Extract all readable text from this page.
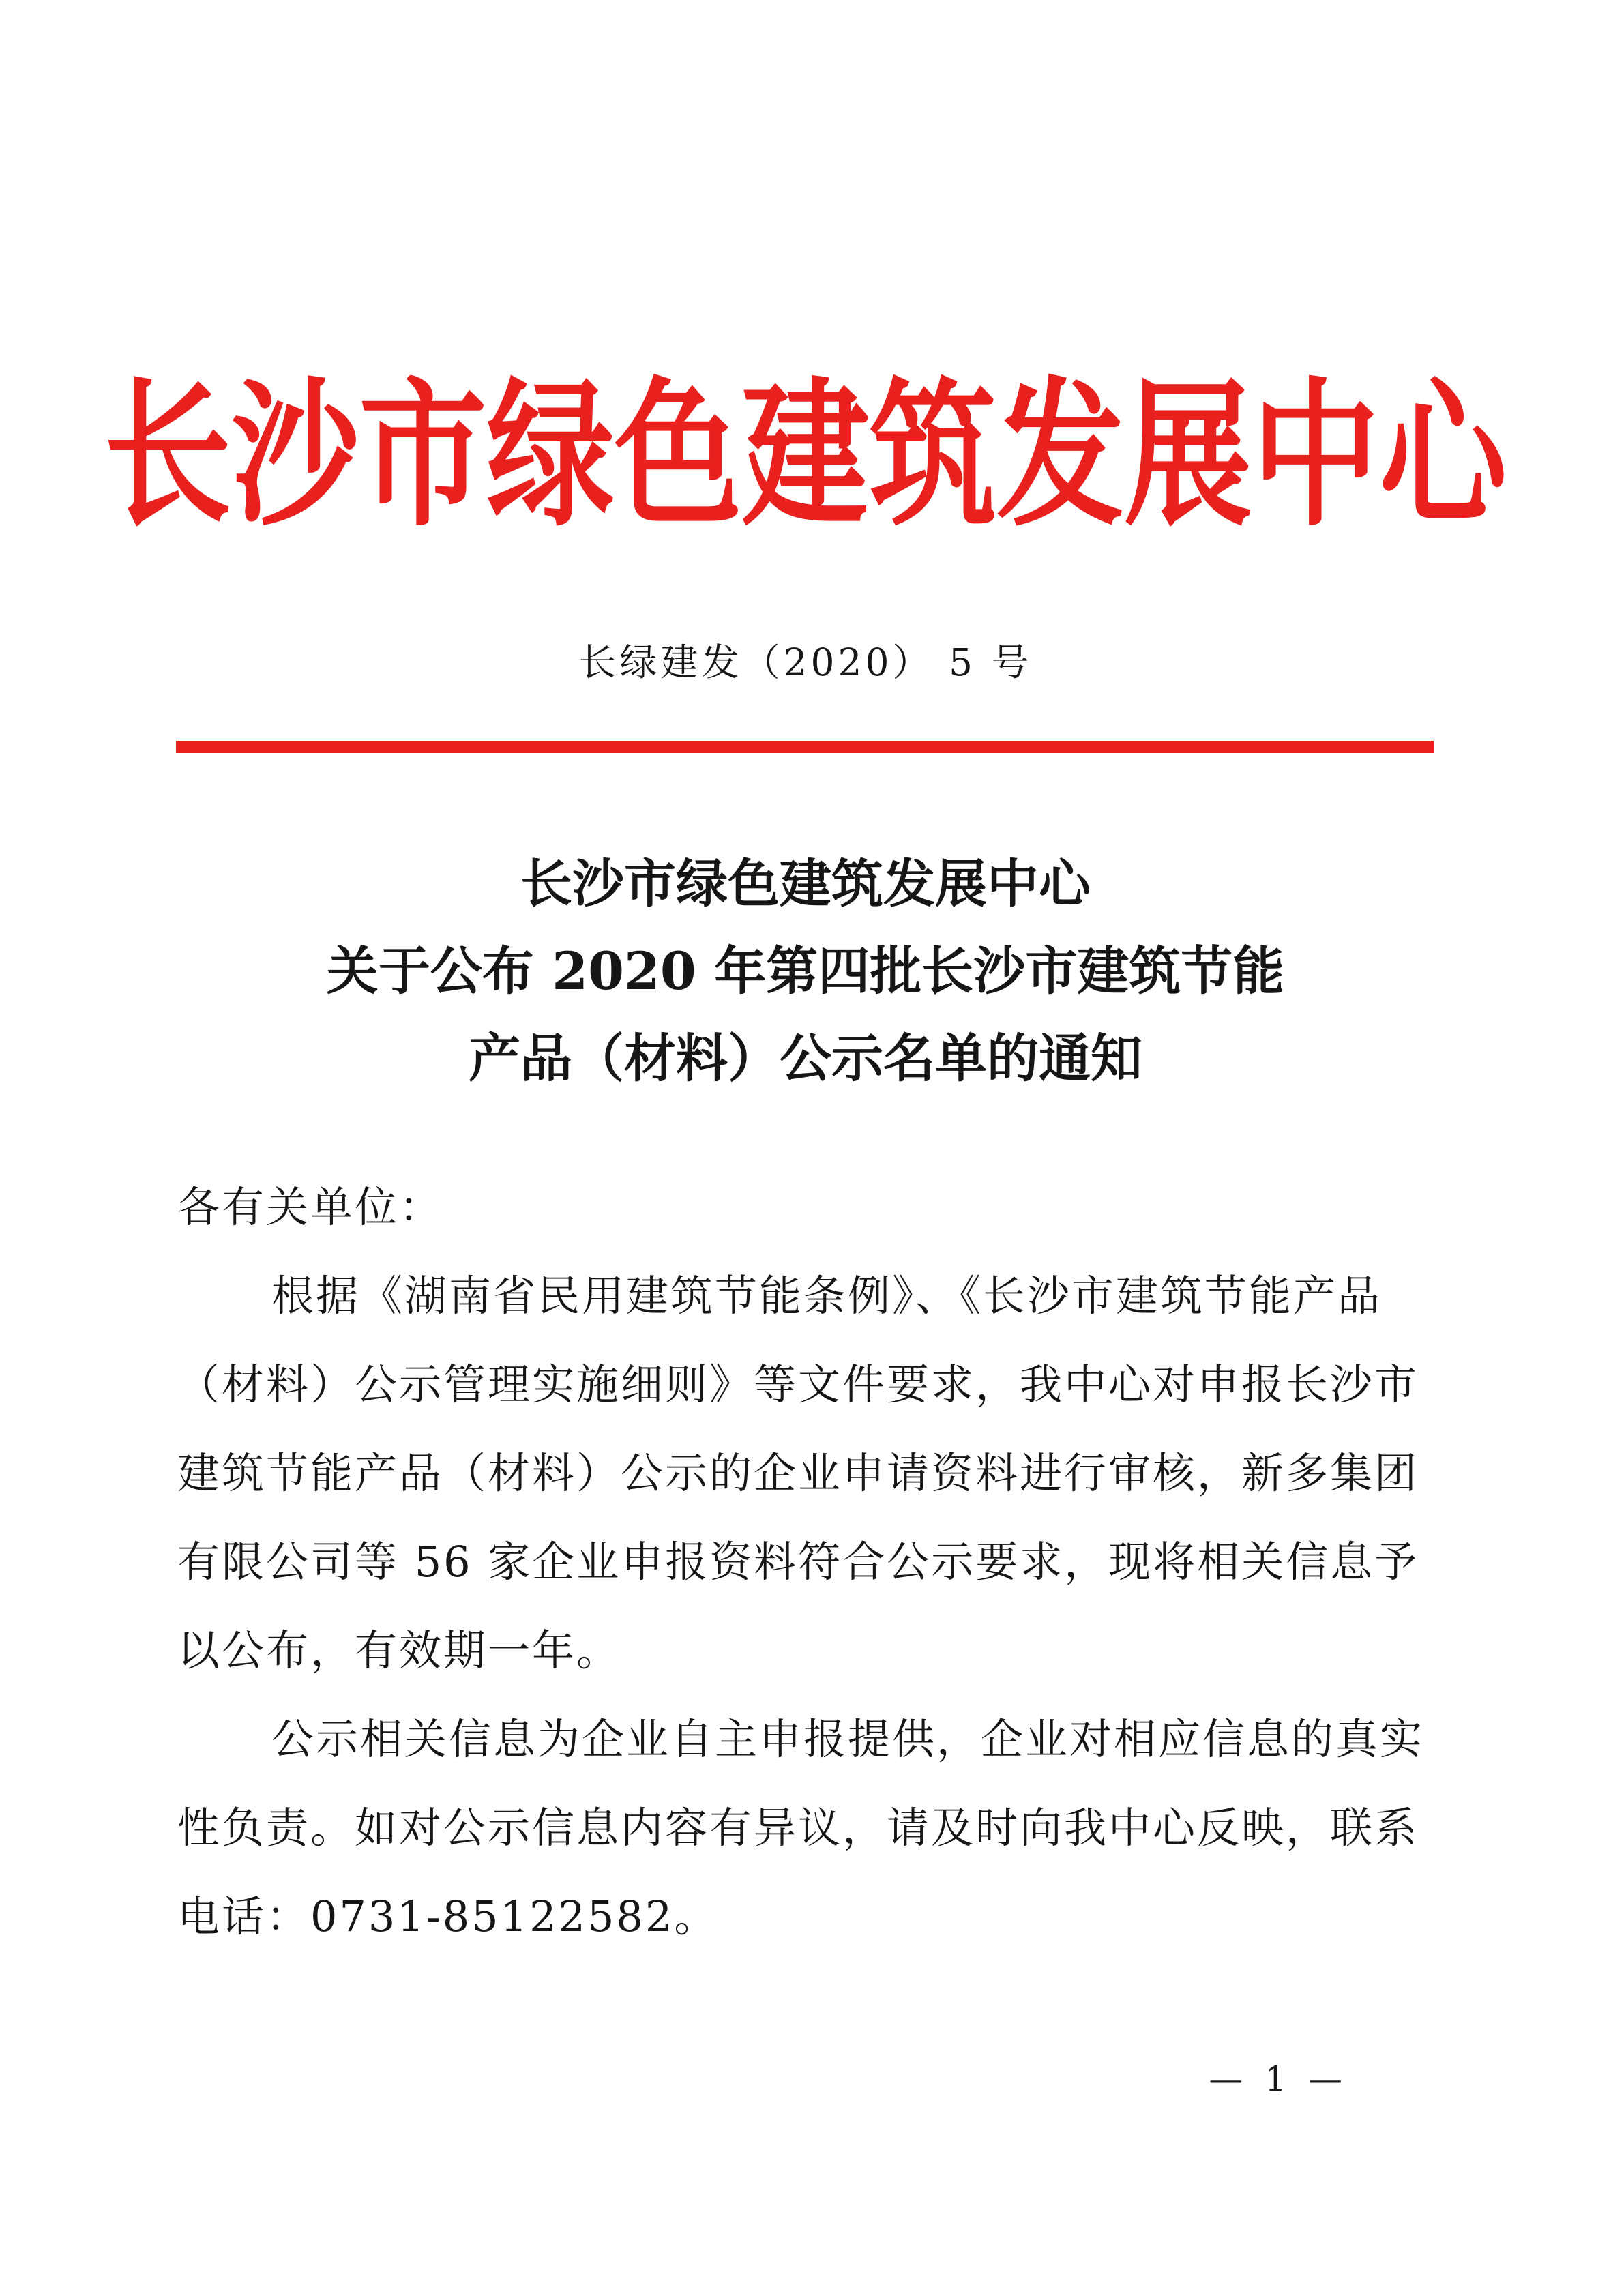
长沙市绿色建筑发展中心
长绿建发（2020） 5 号
长沙市绿色建筑发展中心
关于公布 2020 年第四批长沙市建筑节能
产品（材料）公示名单的通知
各有关单位：
根据《湖南省民用建筑节能条例》、《长沙市建筑节能产品
（材料）公示管理实施细则》等文件要求，我中心对申报长沙市
建筑节能产品（材料）公示的企业申请资料进行审核，新多集团
有限公司等 56 家企业申报资料符合公示要求，现将相关信息予
以公布，有效期一年。
公示相关信息为企业自主申报提供，企业对相应信息的真实
性负责。如对公示信息内容有异议，请及时向我中心反映，联系
电话：0731-85122582。
— 1 —
